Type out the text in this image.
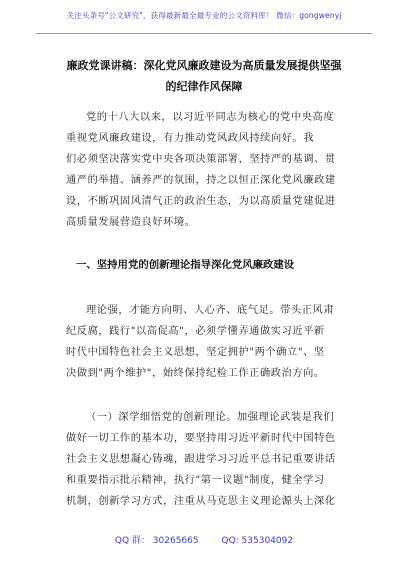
关注头条号"公文研究"，获得最新最全最专业的公文资料库！ 微信：gongwenyj
廉政党课讲稿：深化党风廉政建设为高质量发展提供坚强
的纪律作风保障
党的十八大以来，以习近平同志为核心的党中央高度
重视党风廉政建设，有力推动党风政风持续向好。我
们必须坚决落实党中央各项决策部署，坚持严的基调、贯
通严的举措、涵养严的氛围，持之以恒正深化党风廉政建
设，不断巩固风清气正的政治生态，为以高质量党建促进
高质量发展营造良好环境。
一、坚持用党的创新理论指导深化党风廉政建设
理论强，才能方向明、人心齐、底气足。带头正风肃
纪反腐，践行"以高促高"，必须学懂弄通做实习近平新
时代中国特色社会主义思想，坚定拥护"两个确立"、坚
决做到"两个维护"，始终保持纪检工作正确政治方向。
（一）深学细悟党的创新理论。加强理论武装是我们
做好一切工作的基本功，要坚持用习近平新时代中国特色
社会主义思想凝心铸魂，跟进学习习近平总书记重要讲话
和重要指示批示精神，执行"第一议题"制度，健全学习
机制，创新学习方式，注重从马克思主义理论源头上深化
QQ 群： 30265665	QQ: 535304092
